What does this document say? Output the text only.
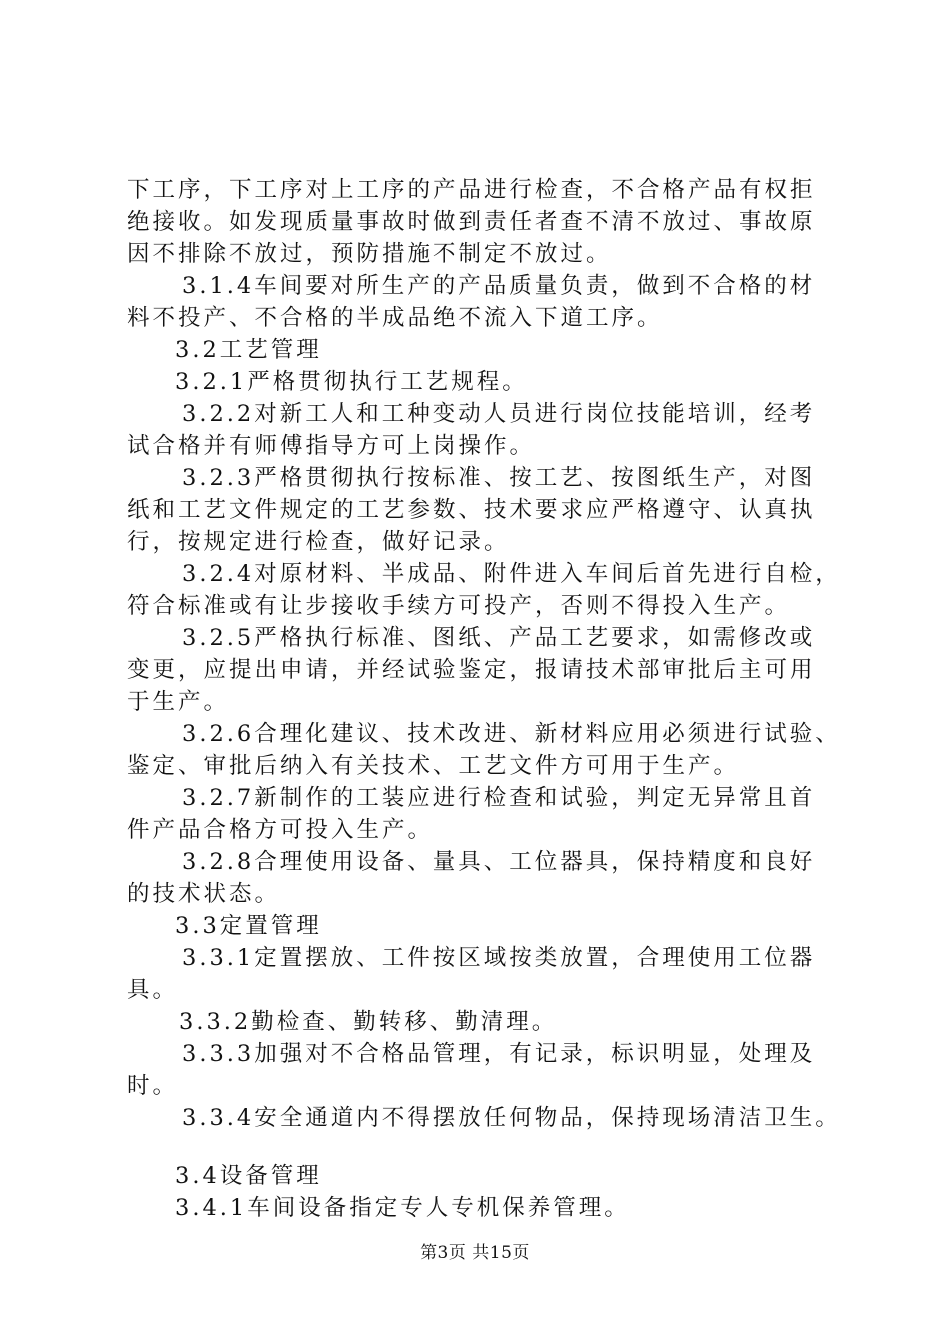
下工序，下工序对上工序的产品进行检查，不合格产品有权拒
绝接收。如发现质量事故时做到责任者查不清不放过、事故原
因不排除不放过，预防措施不制定不放过。
3.1.4车间要对所生产的产品质量负责，做到不合格的材
料不投产、不合格的半成品绝不流入下道工序。
3.2工艺管理
3.2.1严格贯彻执行工艺规程。
3.2.2对新工人和工种变动人员进行岗位技能培训，经考
试合格并有师傅指导方可上岗操作。
3.2.3严格贯彻执行按标准、按工艺、按图纸生产，对图
纸和工艺文件规定的工艺参数、技术要求应严格遵守、认真执
行，按规定进行检查，做好记录。
3.2.4对原材料、半成品、附件进入车间后首先进行自检，
符合标准或有让步接收手续方可投产，否则不得投入生产。
3.2.5严格执行标准、图纸、产品工艺要求，如需修改或
变更，应提出申请，并经试验鉴定，报请技术部审批后主可用
于生产。
3.2.6合理化建议、技术改进、新材料应用必须进行试验、
鉴定、审批后纳入有关技术、工艺文件方可用于生产。
3.2.7新制作的工装应进行检查和试验，判定无异常且首
件产品合格方可投入生产。
3.2.8合理使用设备、量具、工位器具，保持精度和良好
的技术状态。
3.3定置管理
3.3.1定置摆放、工件按区域按类放置，合理使用工位器
具。
3.3.2勤检查、勤转移、勤清理。
3.3.3加强对不合格品管理，有记录，标识明显，处理及
时。
3.3.4安全通道内不得摆放任何物品，保持现场清洁卫生。
3.4设备管理
3.4.1车间设备指定专人专机保养管理。
第3页 共15页
